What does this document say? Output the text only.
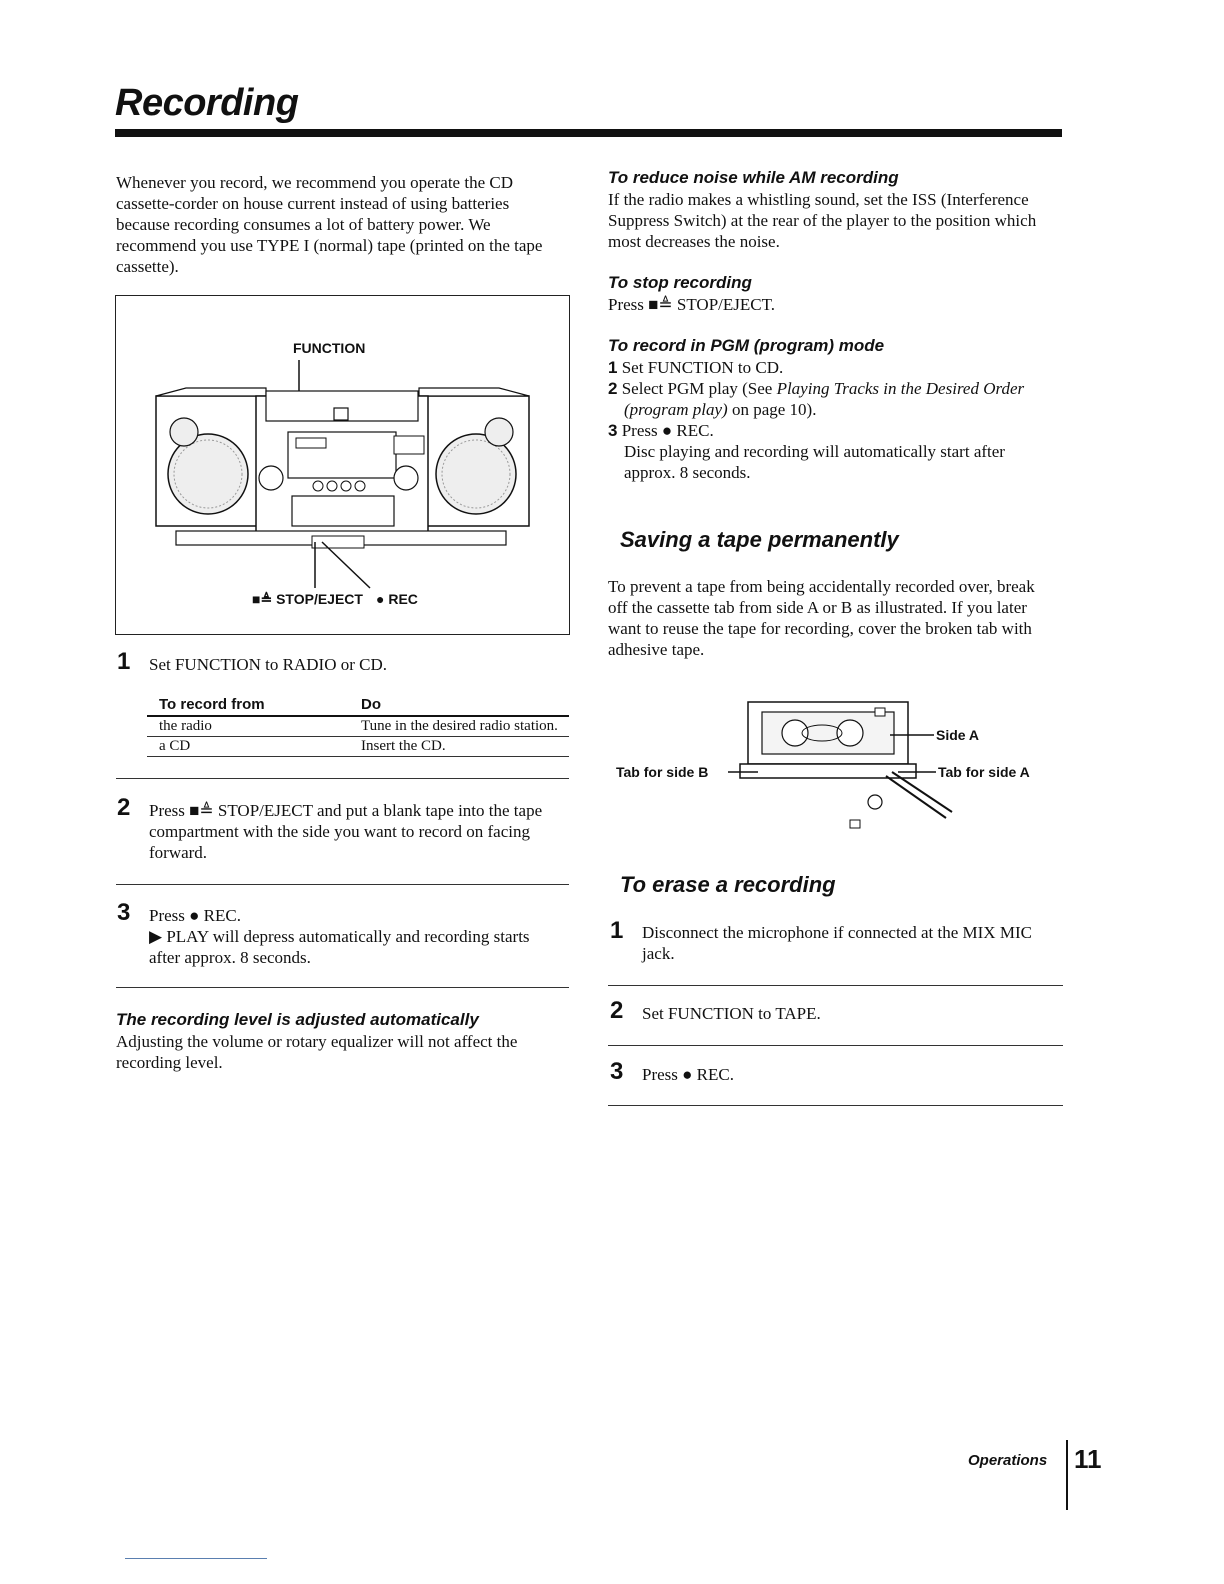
Recording
Whenever you record, we recommend you operate the CD cassette-corder on house current instead of using batteries because recording consumes a lot of battery power. We recommend you use TYPE I (normal) tape (printed on the tape cassette).
FUNCTION
■≜ STOP/EJECT ● REC
1 Set FUNCTION to RADIO or CD.
To record from	Do
the radio	Tune in the desired radio station.
a CD	Insert the CD.
2 Press ■≜ STOP/EJECT and put a blank tape into the tape compartment with the side you want to record on facing forward.
3 Press ● REC.
▶ PLAY will depress automatically and recording starts after approx. 8 seconds.
The recording level is adjusted automatically
Adjusting the volume or rotary equalizer will not affect the recording level.
To reduce noise while AM recording
If the radio makes a whistling sound, set the ISS (Interference Suppress Switch) at the rear of the player to the position which most decreases the noise.
To stop recording
Press ■≜ STOP/EJECT.
To record in PGM (program) mode
1 Set FUNCTION to CD.
2 Select PGM play (See Playing Tracks in the Desired Order (program play) on page 10).
3 Press ● REC.
Disc playing and recording will automatically start after approx. 8 seconds.
Saving a tape permanently
To prevent a tape from being accidentally recorded over, break off the cassette tab from side A or B as illustrated. If you later want to reuse the tape for recording, cover the broken tab with adhesive tape.
Side A
Tab for side B	Tab for side A
To erase a recording
1 Disconnect the microphone if connected at the MIX MIC jack.
2 Set FUNCTION to TAPE.
3 Press ● REC.
Operations 11
